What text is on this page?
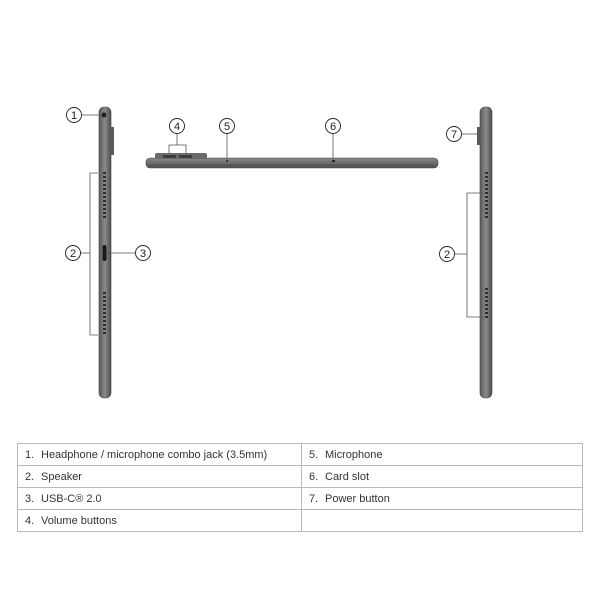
1
2	3
4	5	6
7
2
1. Headphone / microphone combo jack (3.5mm)	5. Microphone
2. Speaker	6. Card slot
3. USB-C® 2.0	7. Power button
4. Volume buttons	
